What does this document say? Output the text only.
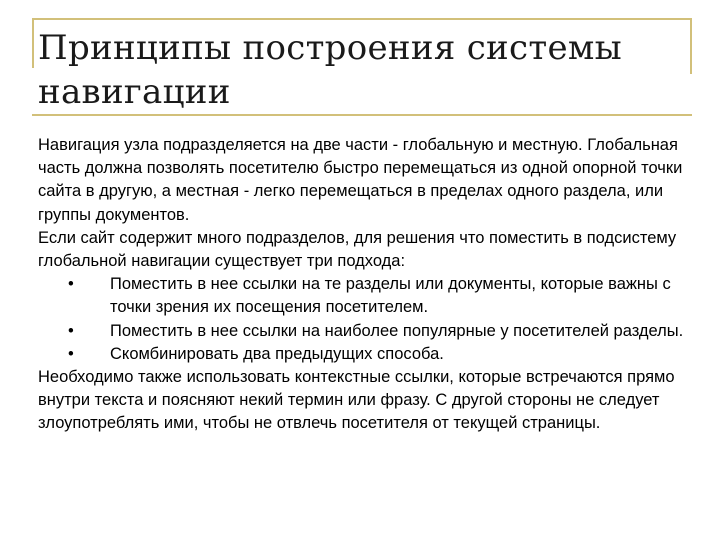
Принципы построения системы
навигации

Навигация узла подразделяется на две части - глобальную и местную. Глобальная часть должна позволять посетителю быстро перемещаться из одной опорной точки сайта в другую, а местная - легко перемещаться в пределах одного раздела, или группы документов.

Если сайт содержит много подразделов, для решения что поместить в подсистему глобальной навигации существует три подхода:

• Поместить в нее ссылки на те разделы или документы, которые важны с точки зрения их посещения посетителем.
• Поместить в нее ссылки на наиболее популярные у посетителей разделы.
• Скомбинировать два предыдущих способа.

Необходимо также использовать контекстные ссылки, которые встречаются прямо внутри текста и поясняют некий термин или фразу. С другой стороны не следует злоупотреблять ими, чтобы не отвлечь посетителя от текущей страницы.
